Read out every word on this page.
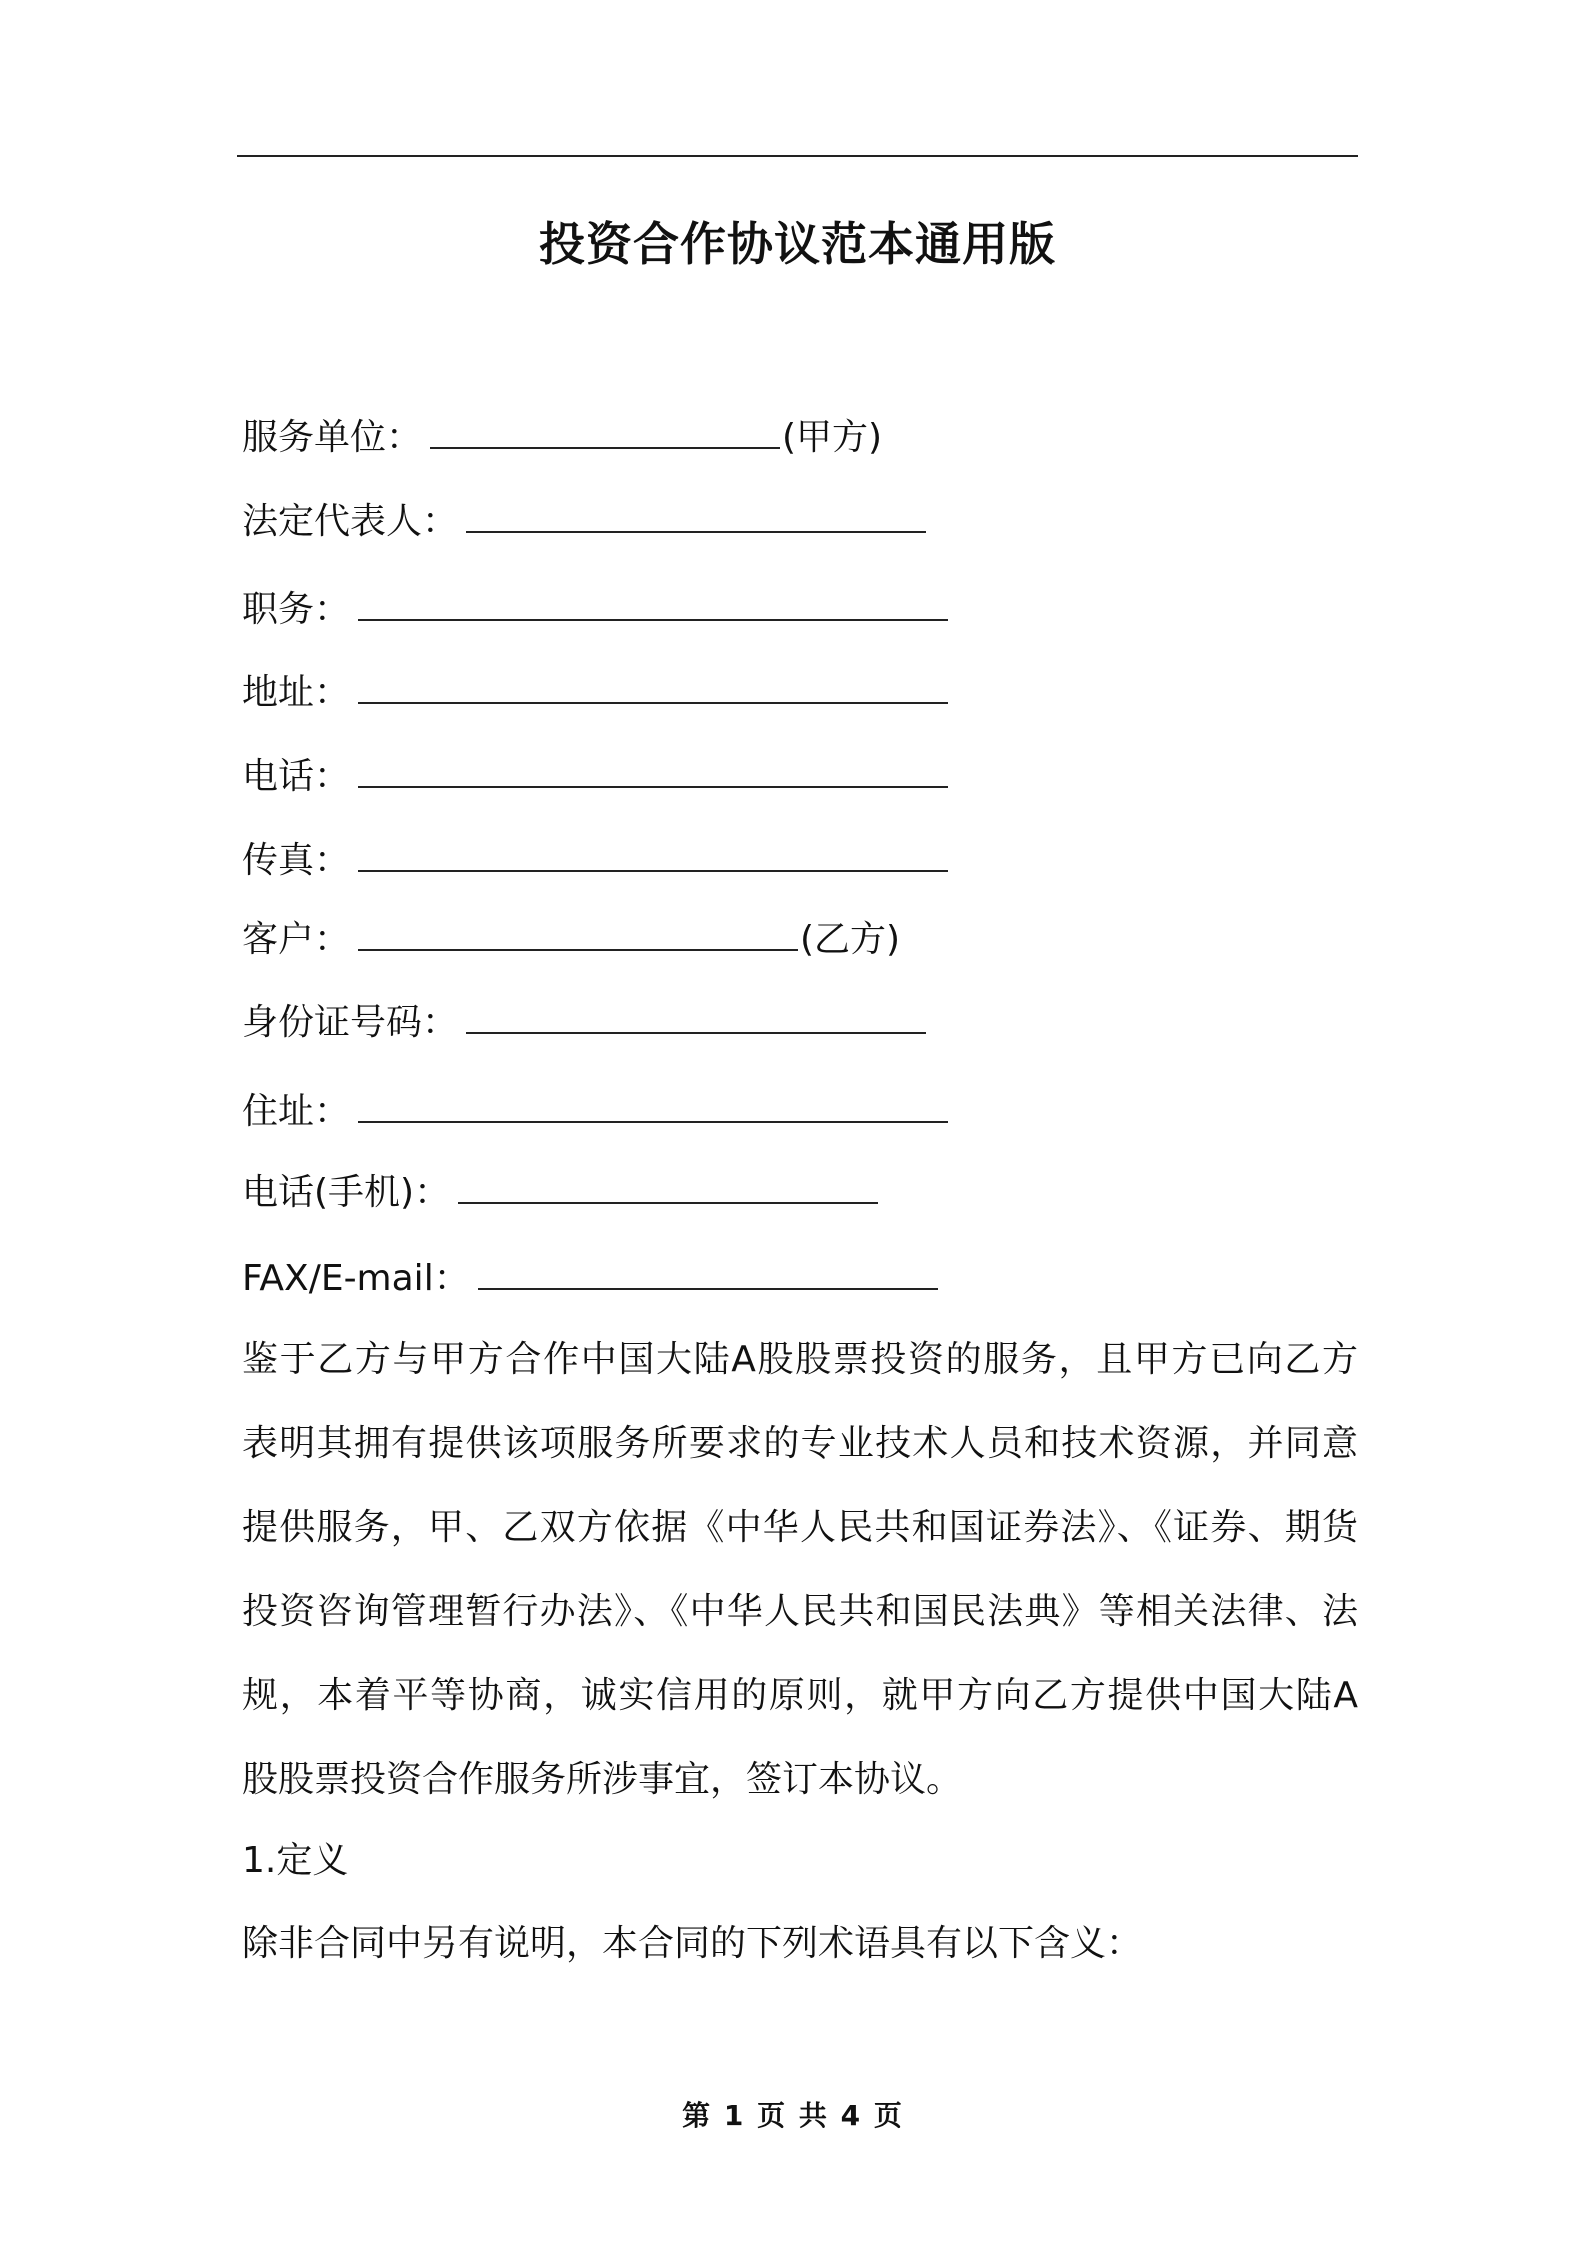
投资合作协议范本通用版
服务单位：	(甲方)
法定代表人：
职务：
地址：
电话：
传真：
客户：	(乙方)
身份证号码：
住址：
电话(手机)：
FAX/E-mail：
鉴于乙方与甲方合作中国大陆A股股票投资的服务，且甲方已向乙方
表明其拥有提供该项服务所要求的专业技术人员和技术资源，并同意
提供服务，甲、乙双方依据《中华人民共和国证券法》、《证券、期货
投资咨询管理暂行办法》、《中华人民共和国民法典》等相关法律、法
规，本着平等协商，诚实信用的原则，就甲方向乙方提供中国大陆A
股股票投资合作服务所涉事宜，签订本协议。
1.定义
除非合同中另有说明，本合同的下列术语具有以下含义：
第 1 页 共 4 页
